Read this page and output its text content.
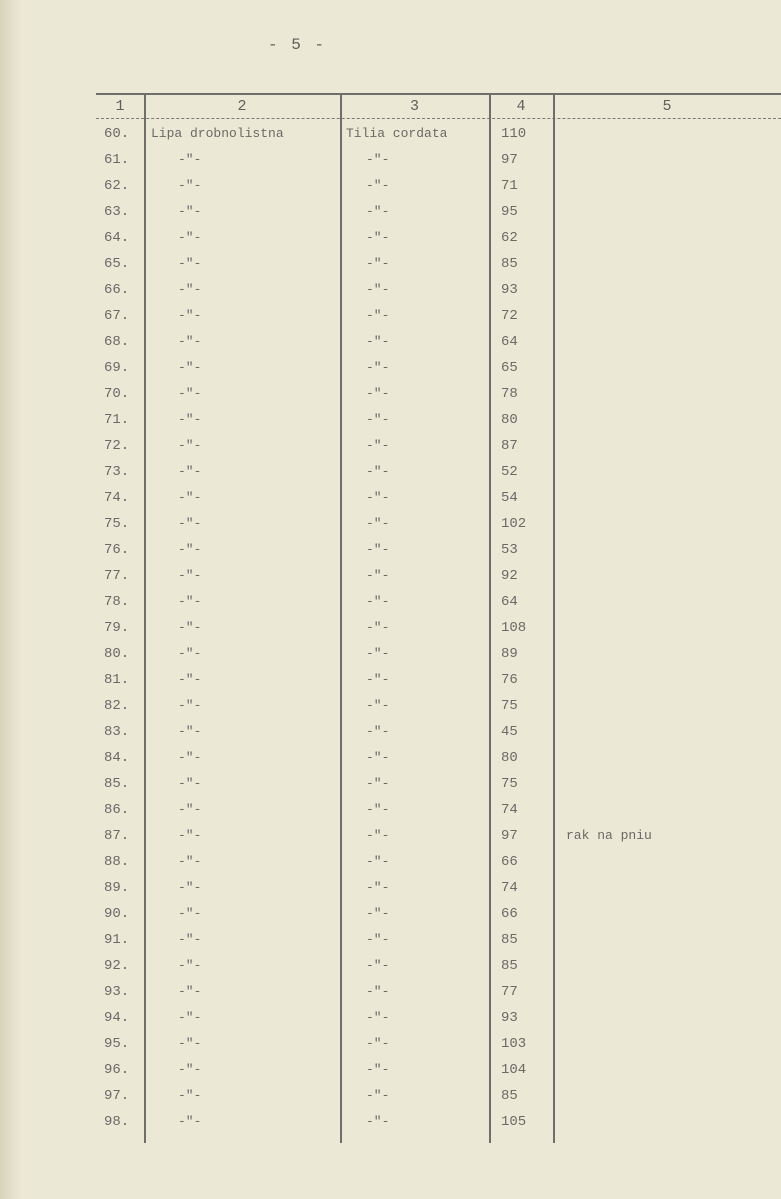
- 5 -
1	2	3	4	5
60.	Lipa drobnolistna	Tilia cordata	110
61.	-"-	-"-	97
62.	-"-	-"-	71
63.	-"-	-"-	95
64.	-"-	-"-	62
65.	-"-	-"-	85
66.	-"-	-"-	93
67.	-"-	-"-	72
68.	-"-	-"-	64
69.	-"-	-"-	65
70.	-"-	-"-	78
71.	-"-	-"-	80
72.	-"-	-"-	87
73.	-"-	-"-	52
74.	-"-	-"-	54
75.	-"-	-"-	102
76.	-"-	-"-	53
77.	-"-	-"-	92
78.	-"-	-"-	64
79.	-"-	-"-	108
80.	-"-	-"-	89
81.	-"-	-"-	76
82.	-"-	-"-	75
83.	-"-	-"-	45
84.	-"-	-"-	80
85.	-"-	-"-	75
86.	-"-	-"-	74
87.	-"-	-"-	97	rak na pniu
88.	-"-	-"-	66
89.	-"-	-"-	74
90.	-"-	-"-	66
91.	-"-	-"-	85
92.	-"-	-"-	85
93.	-"-	-"-	77
94.	-"-	-"-	93
95.	-"-	-"-	103
96.	-"-	-"-	104
97.	-"-	-"-	85
98.	-"-	-"-	105
